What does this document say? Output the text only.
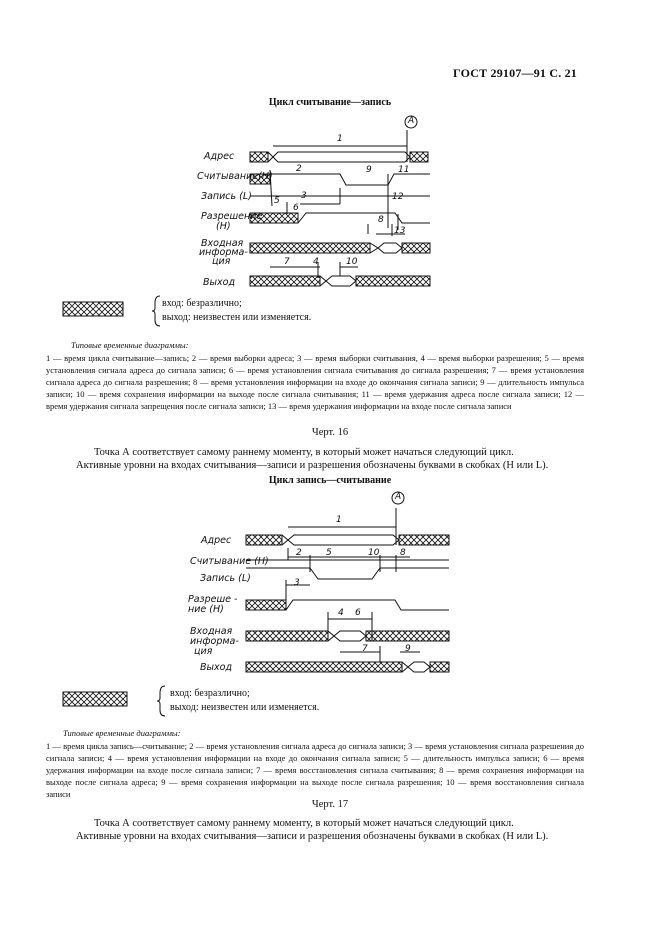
ГОСТ 29107—91 С. 21
Цикл считывание—запись
А
Адрес
Считывание(Н)
Запись (L)
Разрешение
(Н)
Входная
информа-
ция
Выход
1
2
3
5
6
7	4
8
9
10
11
12
13
вход: безразлично;
выход: неизвестен или изменяется.
Типовые временные диаграммы:
1 — время цикла считывание—запись; 2 — время выборки адреса; 3 — время выборки считывания, 4 — время выборки разрешения; 5 — время установления сигнала адреса до сигнала записи; 6 — время установления сигнала считывания до сигнала разрешения; 7 — время установления сигнала адреса до сигнала разрешения; 8 — время установления информации на входе до окончания сигнала записи; 9 — длительность импульса записи; 10 — время сохранения информации на выходе после сигнала считывания; 11 — время удержания адреса после сигнала записи; 12 — время удержания сигнала запрещения после сигнала записи; 13 — время удержания информации на входе после сигнала записи
Черт. 16
Точка А соответствует самому раннему моменту, в который может начаться следующий цикл.
Активные уровни на входах считывания—записи и разрешения обозначены буквами в скобках (Н или L).
Цикл запись—считывание
А
Адрес
Считывание (Н)
Запись (L)
Разреше -
ние (Н)
Входная
информа-
ция
Выход
1
2	5	10 8
3
4 6
7	9
вход: безразлично;
выход: неизвестен или изменяется.
Типовые временные диаграммы:
1 — время цикла запись—считывание; 2 — время установления сигнала адреса до сигнала записи; 3 — время установления сигнала разрешения до сигнала записи; 4 — время установления информации на входе до окончания сигнала записи; 5 — длительность импульса записи; 6 — время удержания информации на входе после сигнала записи; 7 — время восстановления сигнала считывания; 8 — время сохранения информации на выходе после сигнала адреса; 9 — время сохранения информации на выходе после сигнала разрешения; 10 — время восстановления сигнала записи
Черт. 17
Точка А соответствует самому раннему моменту, в который может начаться следующий цикл.
Активные уровни на входах считывания—записи и разрешения обозначены буквами в скобках (Н или L).
